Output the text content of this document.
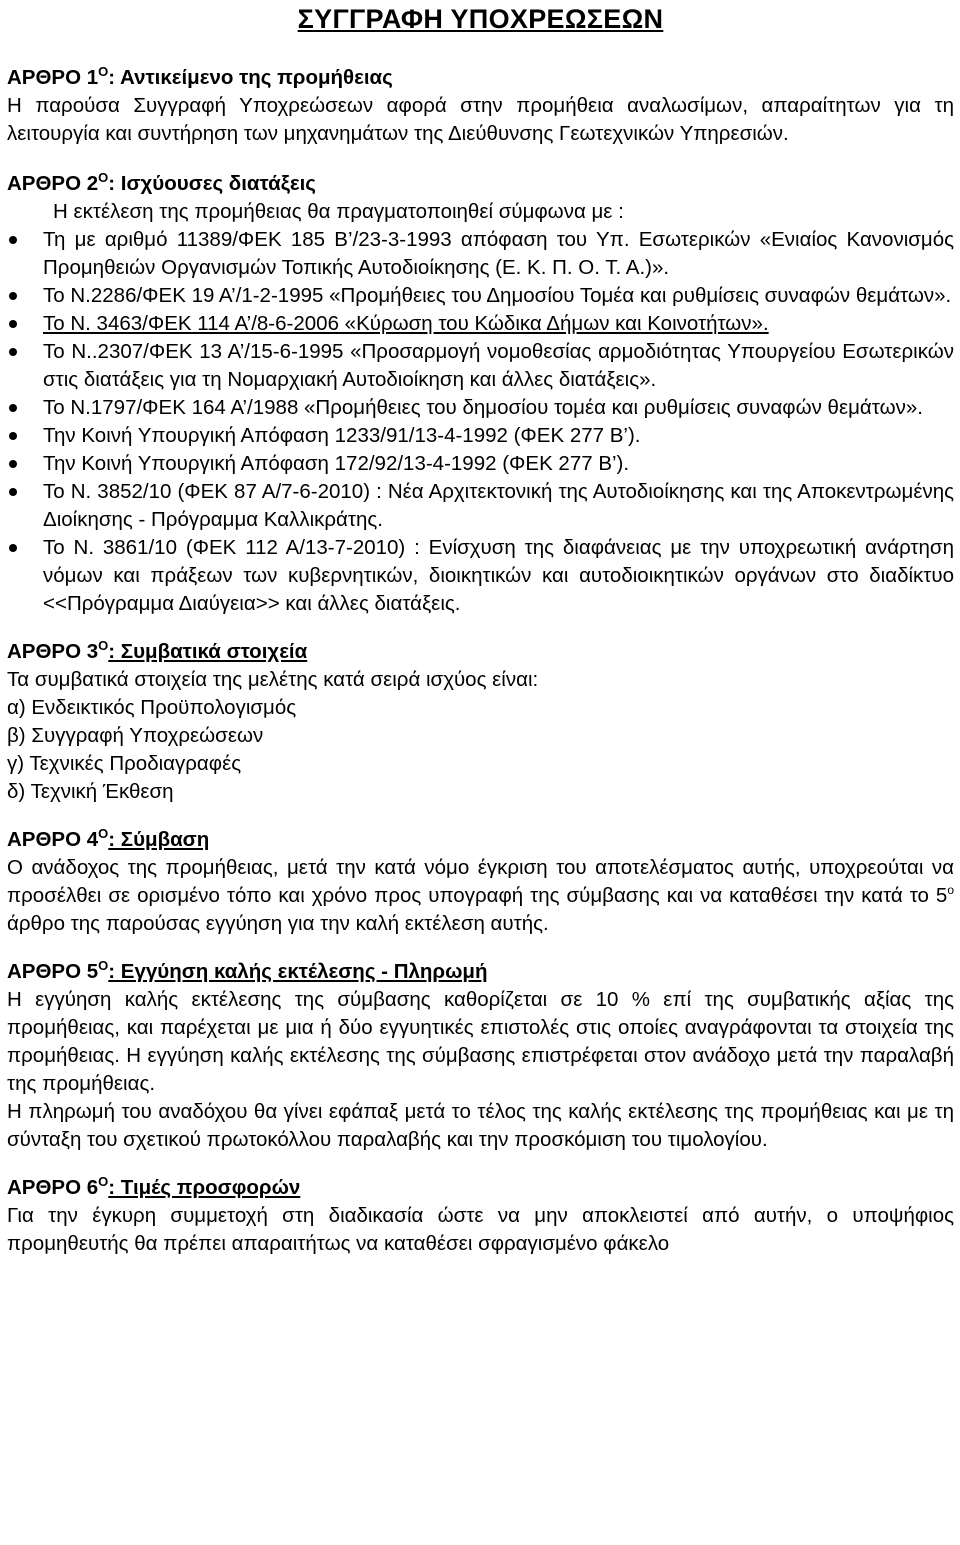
ΣΥΓΓΡΑΦΗ ΥΠΟΧΡΕΩΣΕΩΝ
ΑΡΘΡΟ $1^O$: Αντικείμενο της προμήθειας
Η παρούσα Συγγραφή Υποχρεώσεων αφορά στην προμήθεια αναλωσίμων, απαραίτητων για τη λειτουργία και συντήρηση των μηχανημάτων της Διεύθυνσης Γεωτεχνικών Υπηρεσιών.
ΑΡΘΡΟ $2^O$: Ισχύουσες διατάξεις
Η εκτέλεση της προμήθειας θα πραγματοποιηθεί σύμφωνα με :
Τη με αριθμό 11389/ΦΕΚ 185 Β’/23-3-1993 απόφαση του Υπ. Εσωτερικών «Ενιαίος Κανονισμός Προμηθειών Οργανισμών Τοπικής Αυτοδιοίκησης (Ε. Κ. Π. Ο. Τ. Α.)».
Το Ν.2286/ΦΕΚ 19 Α’/1-2-1995 «Προμήθειες του Δημοσίου Τομέα και ρυθμίσεις συναφών θεμάτων».
Το Ν. 3463/ΦΕΚ 114 Α’/8-6-2006 «Κύρωση του Κώδικα Δήμων και Κοινοτήτων».
Το Ν..2307/ΦΕΚ 13 Α’/15-6-1995 «Προσαρμογή νομοθεσίας αρμοδιότητας Υπουργείου Εσωτερικών στις διατάξεις για τη Νομαρχιακή Αυτοδιοίκηση και άλλες διατάξεις».
Το Ν.1797/ΦΕΚ 164 Α’/1988 «Προμήθειες του δημοσίου τομέα και ρυθμίσεις συναφών θεμάτων».
Την Κοινή Υπουργική Απόφαση 1233/91/13-4-1992 (ΦΕΚ 277 Β’).
Την Κοινή Υπουργική Απόφαση 172/92/13-4-1992 (ΦΕΚ 277 Β’).
Το Ν. 3852/10 (ΦΕΚ 87 Α/7-6-2010) : Νέα Αρχιτεκτονική της Αυτοδιοίκησης και της Αποκεντρωμένης Διοίκησης - Πρόγραμμα Καλλικράτης.
Το Ν. 3861/10 (ΦΕΚ 112 Α/13-7-2010) : Ενίσχυση της διαφάνειας με την υποχρεωτική ανάρτηση νόμων και πράξεων των κυβερνητικών, διοικητικών και αυτοδιοικητικών οργάνων στο διαδίκτυο <<Πρόγραμμα Διαύγεια>> και άλλες διατάξεις.
ΑΡΘΡΟ $3^O$: Συμβατικά στοιχεία
Τα συμβατικά στοιχεία της μελέτης κατά σειρά ισχύος είναι:
α) Ενδεικτικός Προϋπολογισμός
β) Συγγραφή Υποχρεώσεων
γ) Τεχνικές Προδιαγραφές
δ) Τεχνική Έκθεση
ΑΡΘΡΟ $4^O$: Σύμβαση
Ο ανάδοχος της προμήθειας, μετά την κατά νόμο έγκριση του αποτελέσματος αυτής, υποχρεούται να προσέλθει σε ορισμένο τόπο και χρόνο προς υπογραφή της σύμβασης και να καταθέσει την κατά το $5^o$ άρθρο της παρούσας εγγύηση για την καλή εκτέλεση αυτής.
ΑΡΘΡΟ $5^O$: Εγγύηση καλής εκτέλεσης - Πληρωμή
Η εγγύηση καλής εκτέλεσης της σύμβασης καθορίζεται σε 10 % επί της συμβατικής αξίας της προμήθειας, και παρέχεται με μια ή δύο εγγυητικές επιστολές στις οποίες αναγράφονται τα στοιχεία της προμήθειας. Η εγγύηση καλής εκτέλεσης της σύμβασης επιστρέφεται στον ανάδοχο μετά την παραλαβή της προμήθειας.
Η πληρωμή του αναδόχου θα γίνει εφάπαξ μετά το τέλος της καλής εκτέλεσης της προμήθειας και με τη σύνταξη του σχετικού πρωτοκόλλου παραλαβής και την προσκόμιση του τιμολογίου.
ΑΡΘΡΟ $6^O$: Τιμές προσφορών
Για την έγκυρη συμμετοχή στη διαδικασία ώστε να μην αποκλειστεί από αυτήν, ο υποψήφιος προμηθευτής θα πρέπει απαραιτήτως να καταθέσει σφραγισμένο φάκελο
